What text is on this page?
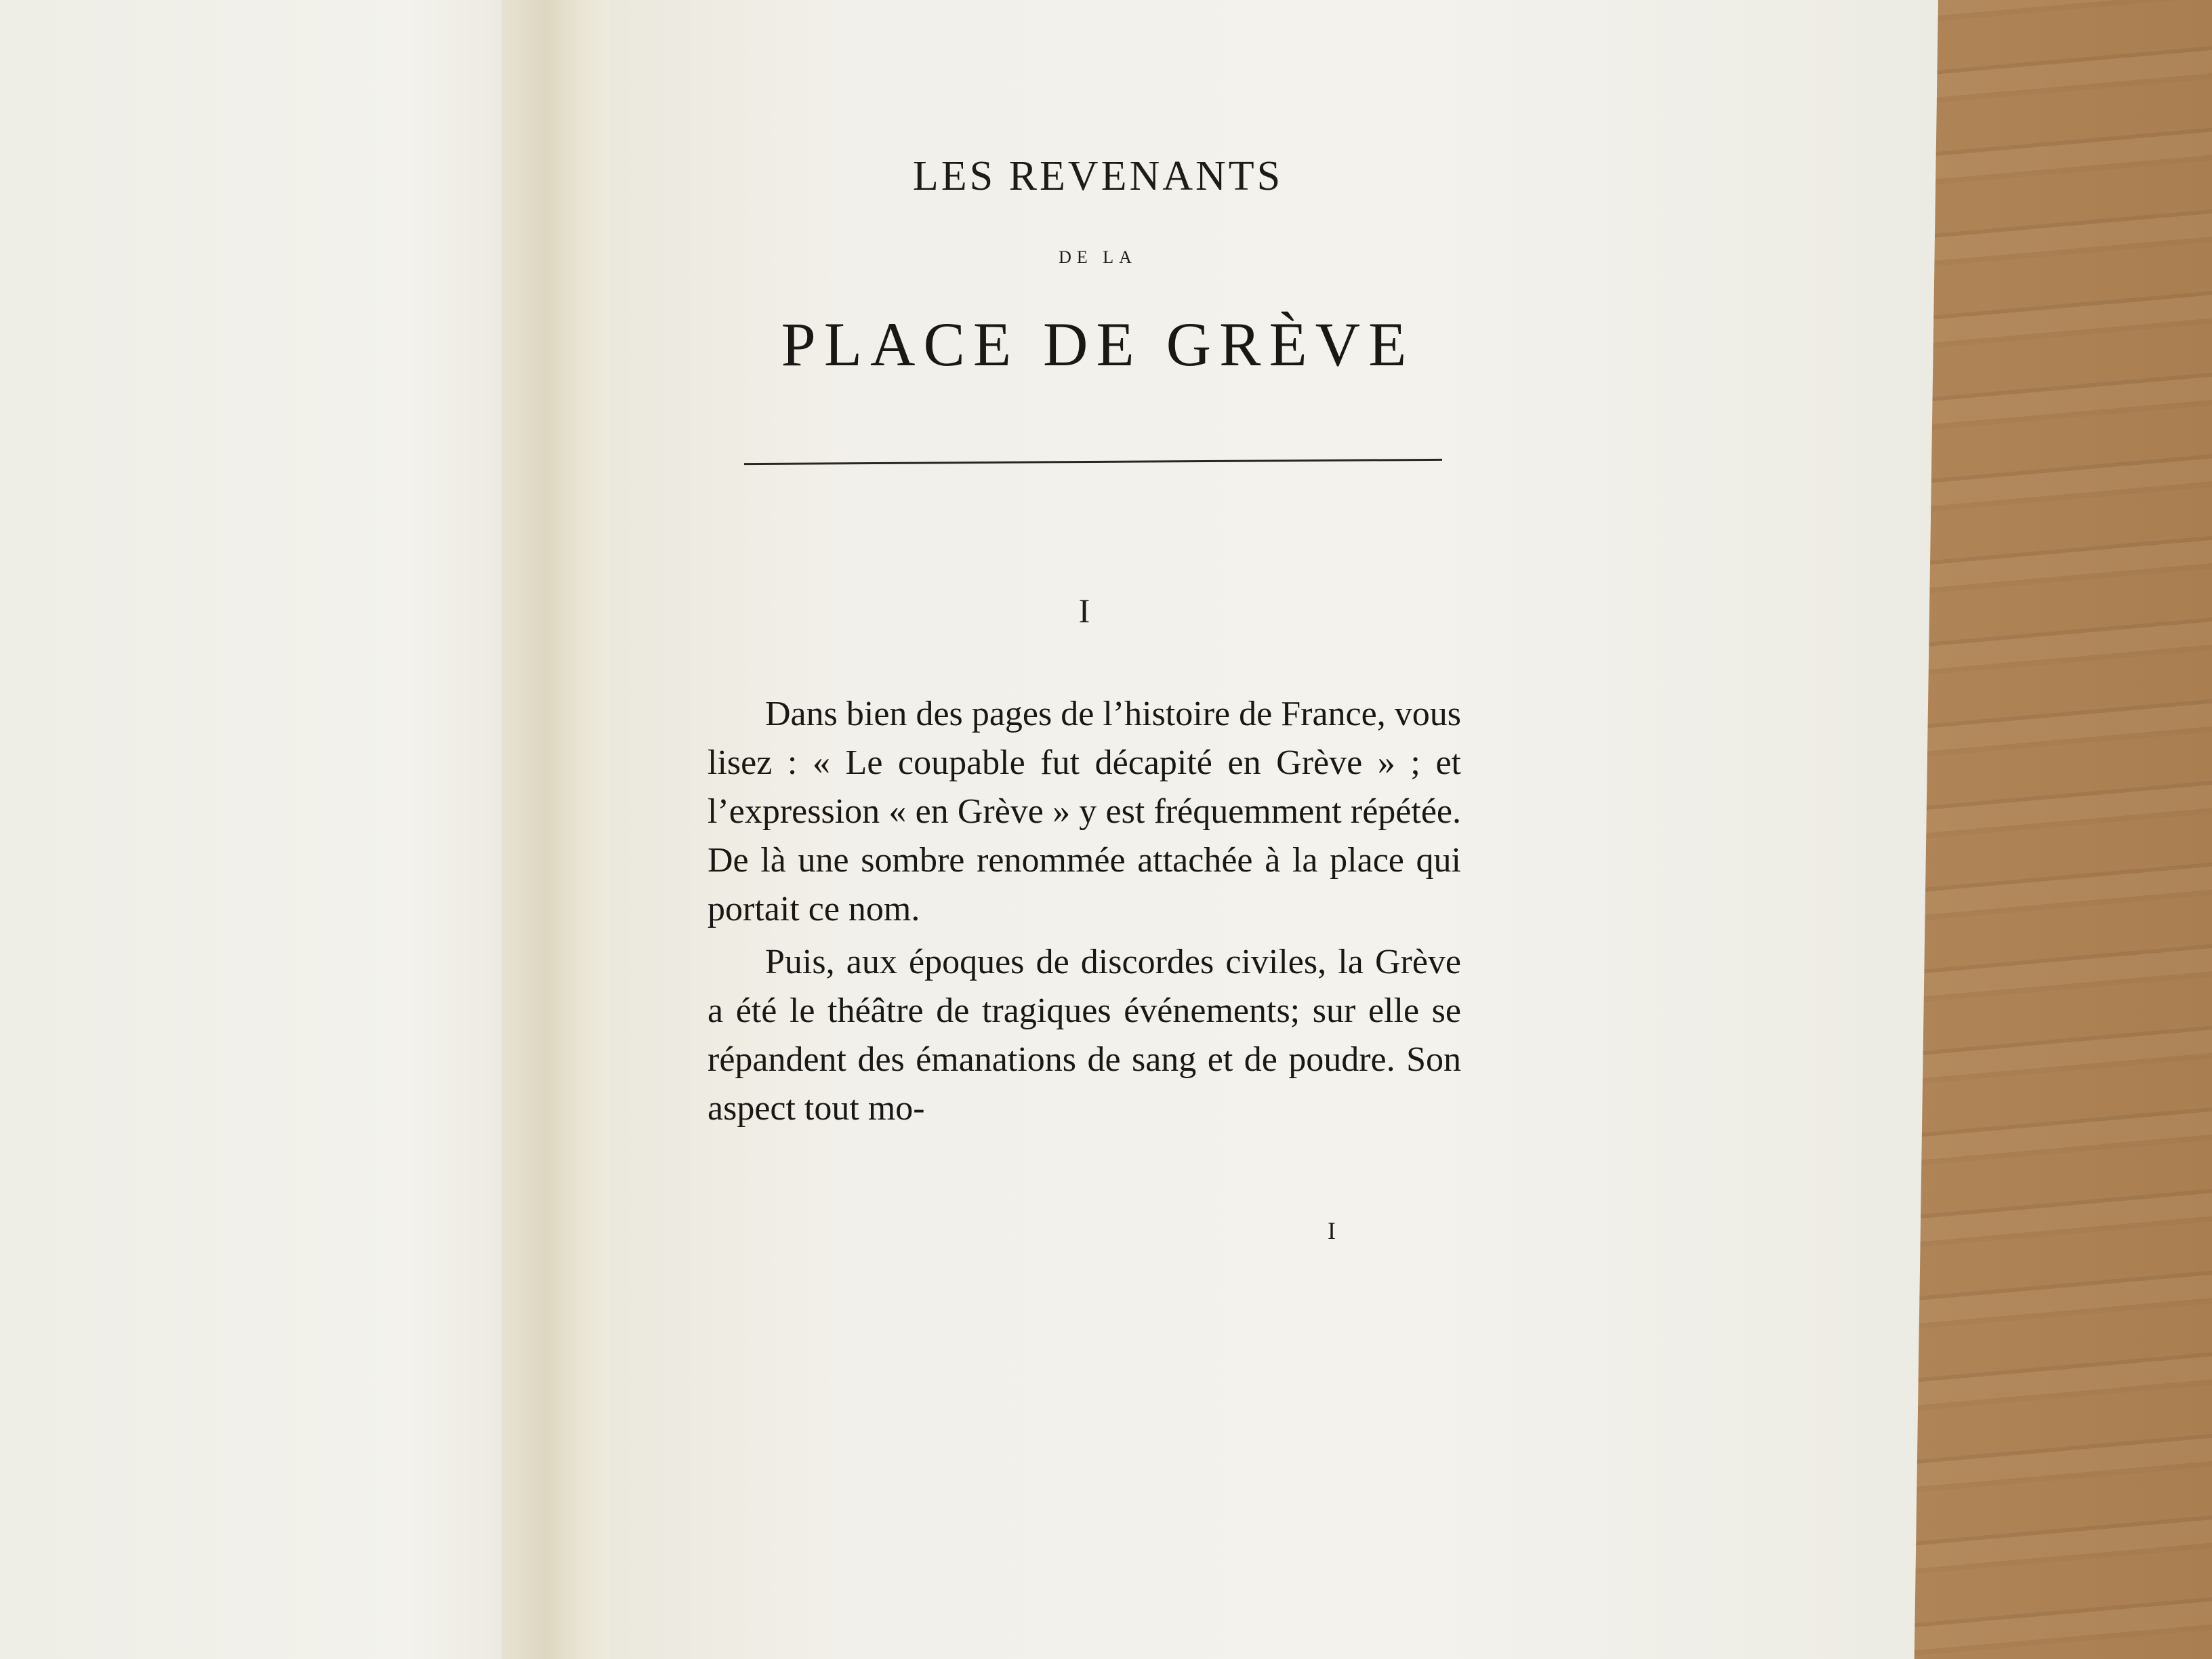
LES REVENANTS
DE LA
PLACE DE GRÈVE
I

Dans bien des pages de l’histoire de France, vous lisez : « Le coupable fut décapité en Grève » ; et l’expression « en Grève » y est fréquemment répétée. De là une sombre renommée attachée à la place qui portait ce nom.

Puis, aux époques de discordes civiles, la Grève a été le théâtre de tragiques événements; sur elle se répandent des émanations de sang et de poudre. Son aspect tout mo-

I
